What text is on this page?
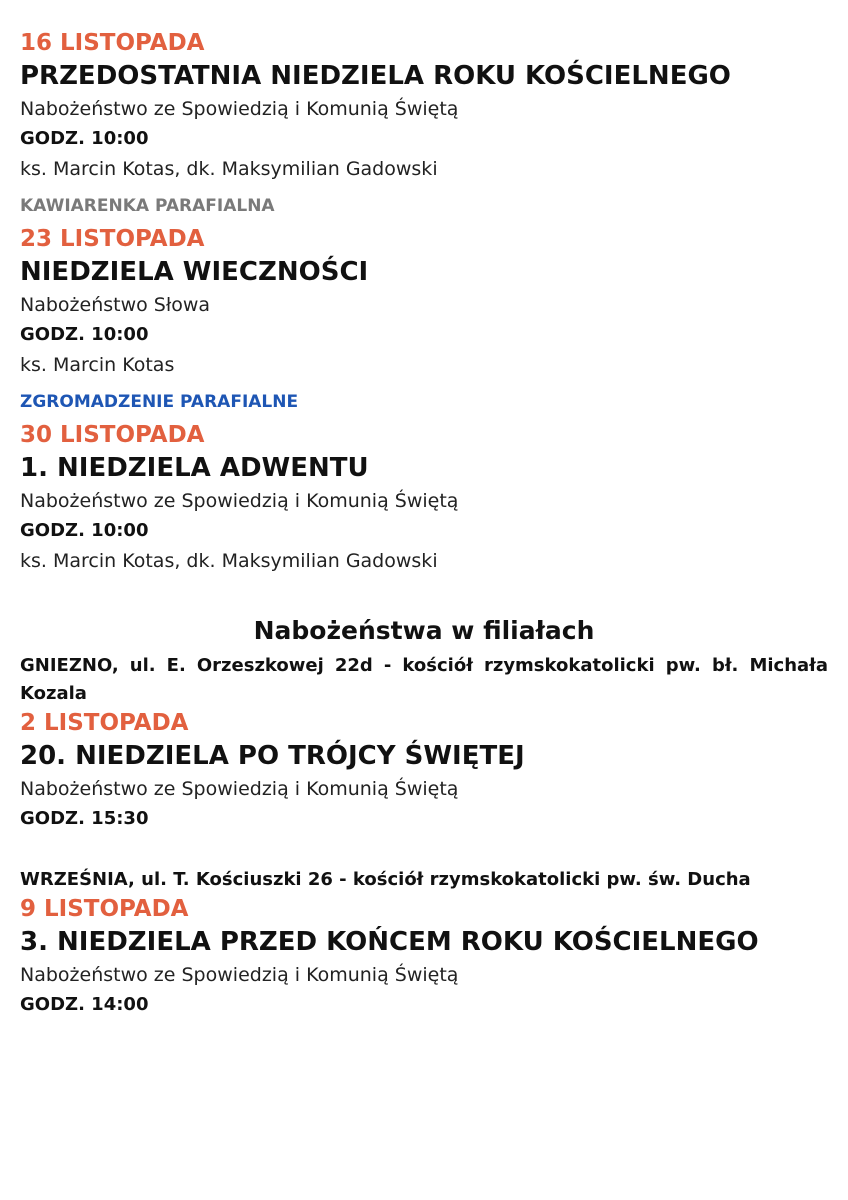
16 LISTOPADA

PRZEDOSTATNIA NIEDZIELA ROKU KOŚCIELNEGO

Nabożeństwo ze Spowiedzią i Komunią Świętą

GODZ. 10:00

ks. Marcin Kotas, dk. Maksymilian Gadowski

KAWIARENKA PARAFIALNA

23 LISTOPADA

NIEDZIELA WIECZNOŚCI

Nabożeństwo Słowa

GODZ. 10:00

ks. Marcin Kotas

ZGROMADZENIE PARAFIALNE

30 LISTOPADA

1. NIEDZIELA ADWENTU

Nabożeństwo ze Spowiedzią i Komunią Świętą

GODZ. 10:00

ks. Marcin Kotas, dk. Maksymilian Gadowski

Nabożeństwa w filiałach

GNIEZNO, ul. E. Orzeszkowej 22d - kościół rzymskokatolicki pw. bł. Michała Kozala

2 LISTOPADA

20. NIEDZIELA PO TRÓJCY ŚWIĘTEJ

Nabożeństwo ze Spowiedzią i Komunią Świętą

GODZ. 15:30

WRZEŚNIA, ul. T. Kościuszki 26 - kościół rzymskokatolicki pw. św. Ducha

9 LISTOPADA

3. NIEDZIELA PRZED KOŃCEM ROKU KOŚCIELNEGO

Nabożeństwo ze Spowiedzią i Komunią Świętą

GODZ. 14:00
